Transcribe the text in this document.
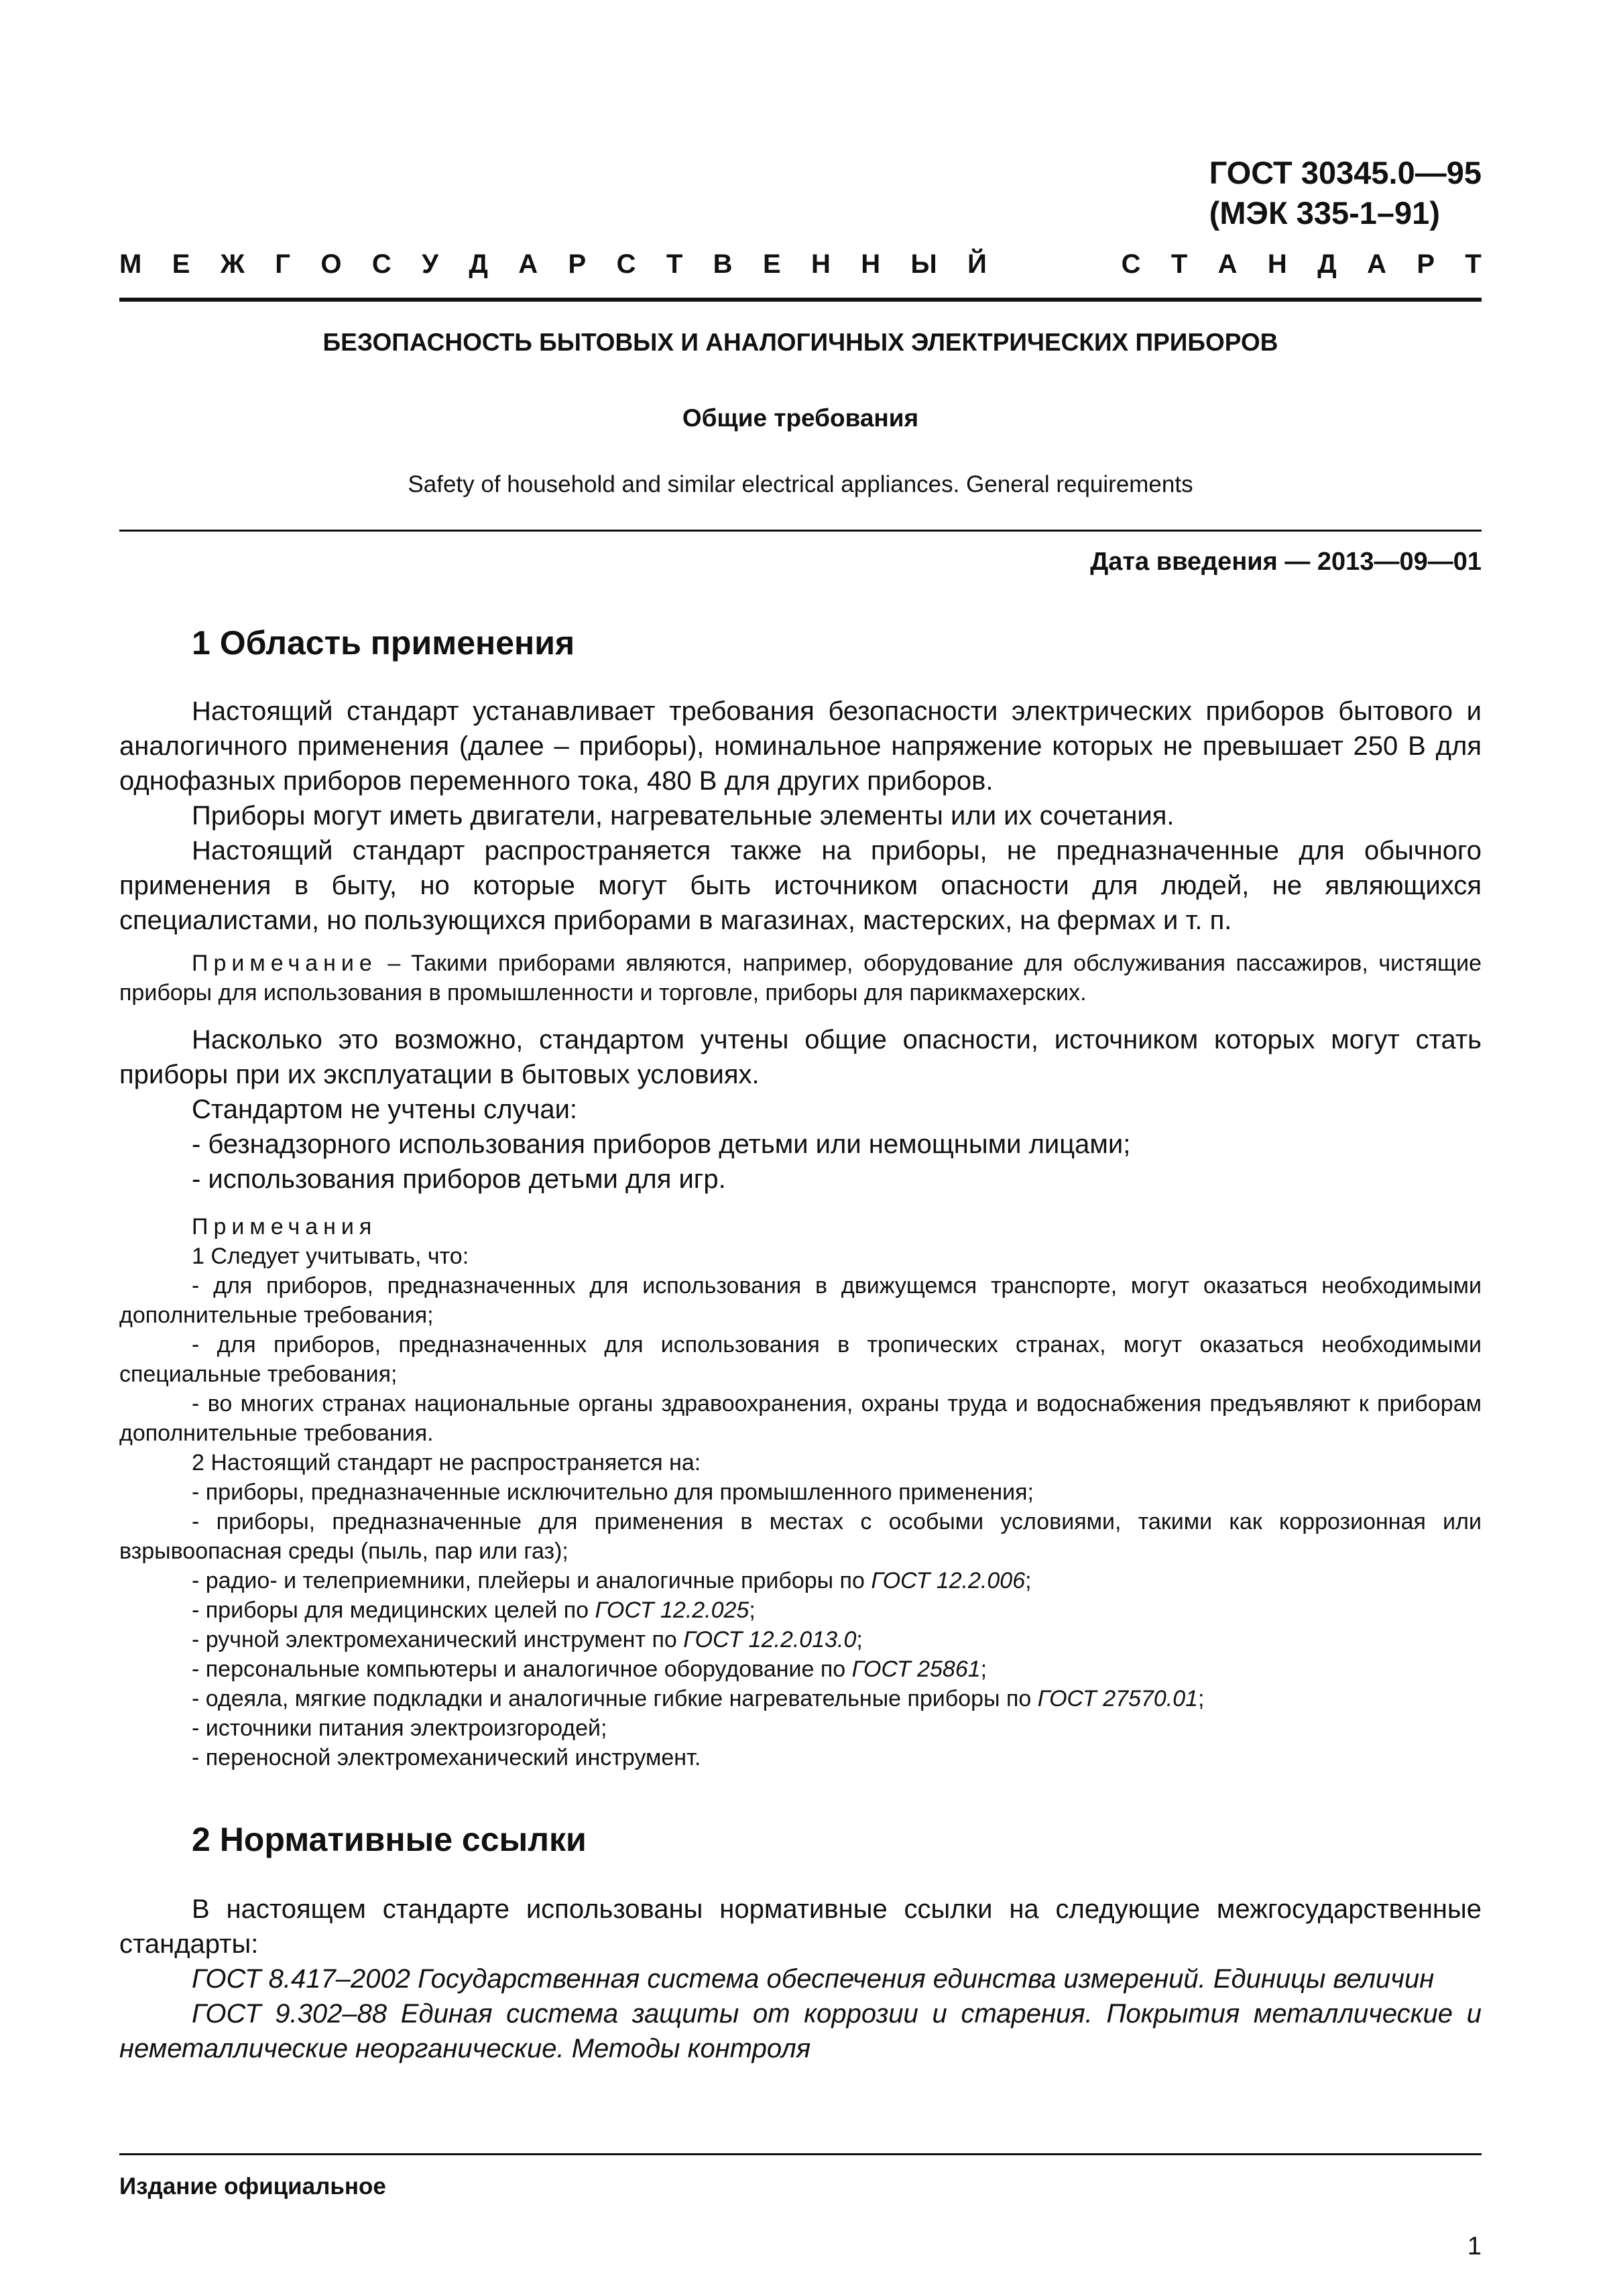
ГОСТ 30345.0—95
(МЭК 335-1–91)
М Е Ж Г О С У Д А Р С Т В Е Н Н Ы Й	С Т А Н Д А Р Т
БЕЗОПАСНОСТЬ БЫТОВЫХ И АНАЛОГИЧНЫХ ЭЛЕКТРИЧЕСКИХ ПРИБОРОВ
Общие требования
Safety of household and similar electrical appliances. General requirements
Дата введения — 2013—09—01
1 Область применения

Настоящий стандарт устанавливает требования безопасности электрических приборов бытового и аналогичного применения (далее – приборы), номинальное напряжение которых не превышает 250 В для однофазных приборов переменного тока, 480 В для других приборов.

Приборы могут иметь двигатели, нагревательные элементы или их сочетания.

Настоящий стандарт распространяется также на приборы, не предназначенные для обычного применения в быту, но которые могут быть источником опасности для людей, не являющихся специалистами, но пользующихся приборами в магазинах, мастерских, на фермах и т. п.

Примечание – Такими приборами являются, например, оборудование для обслуживания пассажиров, чистящие приборы для использования в промышленности и торговле, приборы для парикмахерских.

Насколько это возможно, стандартом учтены общие опасности, источником которых могут стать приборы при их эксплуатации в бытовых условиях.

Стандартом не учтены случаи:

- безнадзорного использования приборов детьми или немощными лицами;

- использования приборов детьми для игр.

Примечания

1 Следует учитывать, что:

- для приборов, предназначенных для использования в движущемся транспорте, могут оказаться необходимыми дополнительные требования;

- для приборов, предназначенных для использования в тропических странах, могут оказаться необходимыми специальные требования;

- во многих странах национальные органы здравоохранения, охраны труда и водоснабжения предъявляют к приборам дополнительные требования.

2 Настоящий стандарт не распространяется на:

- приборы, предназначенные исключительно для промышленного применения;

- приборы, предназначенные для применения в местах с особыми условиями, такими как коррозионная или взрывоопасная среды (пыль, пар или газ);

- радио- и телеприемники, плейеры и аналогичные приборы по ГОСТ 12.2.006;

- приборы для медицинских целей по ГОСТ 12.2.025;

- ручной электромеханический инструмент по ГОСТ 12.2.013.0;

- персональные компьютеры и аналогичное оборудование по ГОСТ 25861;

- одеяла, мягкие подкладки и аналогичные гибкие нагревательные приборы по ГОСТ 27570.01;

- источники питания электроизгородей;

- переносной электромеханический инструмент.

2 Нормативные ссылки

В настоящем стандарте использованы нормативные ссылки на следующие межгосударственные стандарты:

ГОСТ 8.417–2002 Государственная система обеспечения единства измерений. Единицы величин

ГОСТ 9.302–88 Единая система защиты от коррозии и старения. Покрытия металлические и неметаллические неорганические. Методы контроля

Издание официальное
1
